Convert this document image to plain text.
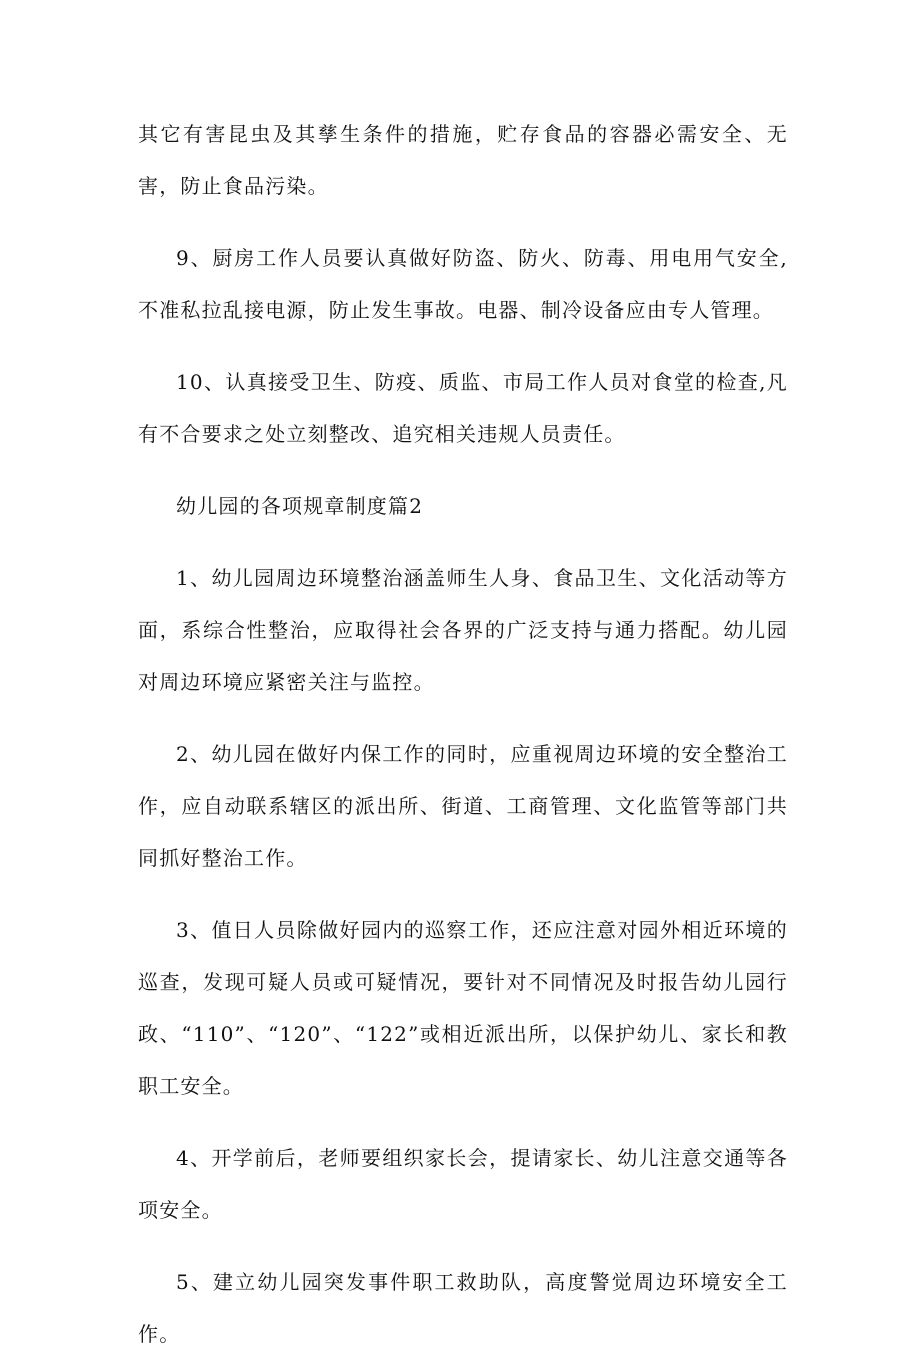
其它有害昆虫及其孳生条件的措施，贮存食品的容器必需安全、无害，防止食品污染。

9、厨房工作人员要认真做好防盗、防火、防毒、用电用气安全,不准私拉乱接电源，防止发生事故。电器、制冷设备应由专人管理。

10、认真接受卫生、防疫、质监、市局工作人员对食堂的检查,凡有不合要求之处立刻整改、追究相关违规人员责任。

幼儿园的各项规章制度篇2

1、幼儿园周边环境整治涵盖师生人身、食品卫生、文化活动等方面，系综合性整治，应取得社会各界的广泛支持与通力搭配。幼儿园对周边环境应紧密关注与监控。

2、幼儿园在做好内保工作的同时，应重视周边环境的安全整治工作，应自动联系辖区的派出所、街道、工商管理、文化监管等部门共同抓好整治工作。

3、值日人员除做好园内的巡察工作，还应注意对园外相近环境的巡查，发现可疑人员或可疑情况，要针对不同情况及时报告幼儿园行政、“110”、“120”、“122”或相近派出所，以保护幼儿、家长和教职工安全。

4、开学前后，老师要组织家长会，提请家长、幼儿注意交通等各项安全。

5、建立幼儿园突发事件职工救助队，高度警觉周边环境安全工作。
